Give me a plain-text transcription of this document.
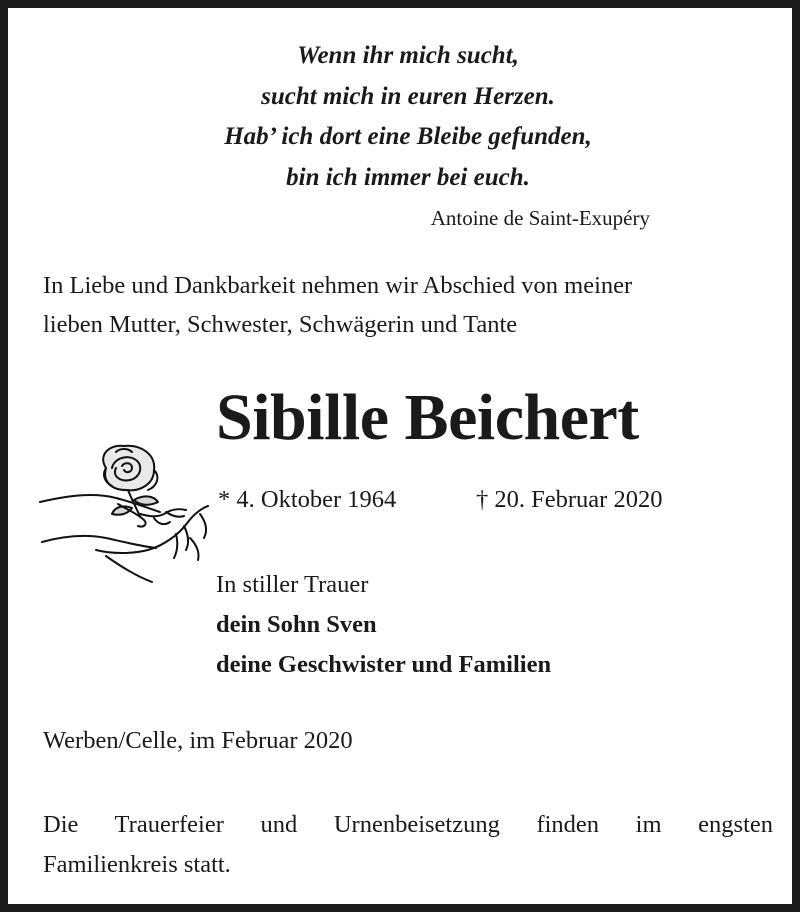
Wenn ihr mich sucht,
sucht mich in euren Herzen.
Hab’ ich dort eine Bleibe gefunden,
bin ich immer bei euch.
Antoine de Saint-Exupéry
In Liebe und Dankbarkeit nehmen wir Abschied von meiner
lieben Mutter, Schwester, Schwägerin und Tante
Sibille Beichert
* 4. Oktober 1964	† 20. Februar 2020
In stiller Trauer
dein Sohn Sven
deine Geschwister und Familien
Werben/Celle, im Februar 2020
Die Trauerfeier und Urnenbeisetzung finden im engsten
Familienkreis statt.
